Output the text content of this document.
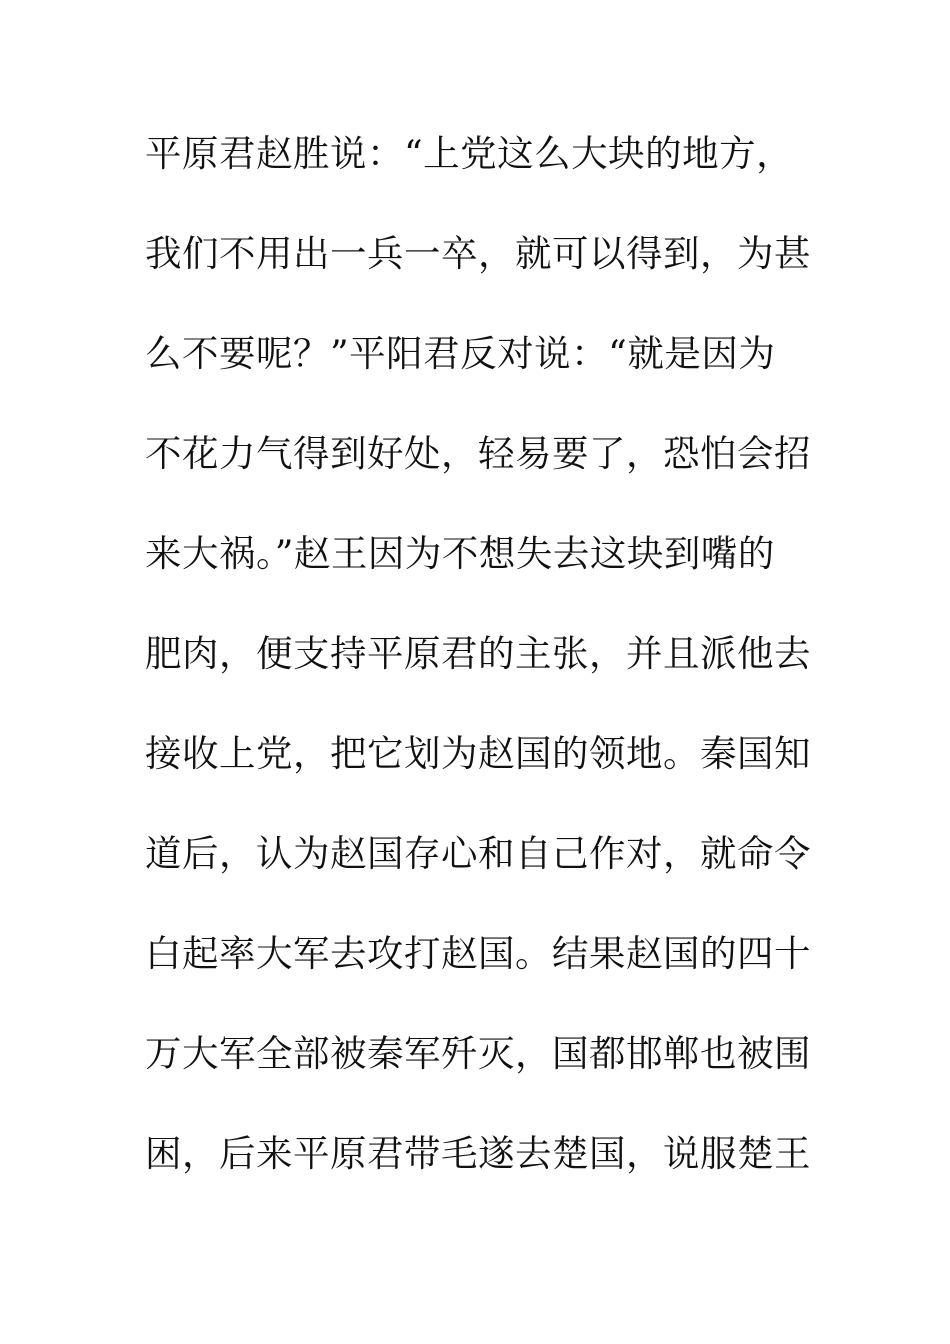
平原君赵胜说：“上党这么大块的地方，
我们不用出一兵一卒，就可以得到，为甚
么不要呢？”平阳君反对说：“就是因为
不花力气得到好处，轻易要了，恐怕会招
来大祸。”赵王因为不想失去这块到嘴的
肥肉，便支持平原君的主张，并且派他去
接收上党，把它划为赵国的领地。秦国知
道后，认为赵国存心和自己作对，就命令
白起率大军去攻打赵国。结果赵国的四十
万大军全部被秦军歼灭，国都邯郸也被围
困，后来平原君带毛遂去楚国，说服楚王
